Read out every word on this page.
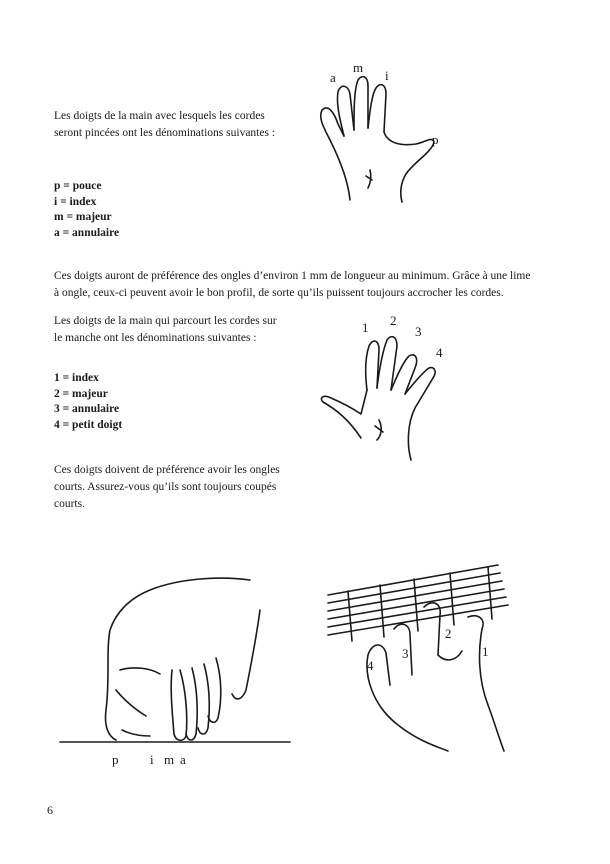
Les doigts de la main avec lesquels les cordes
seront pincées ont les dénominations suivantes :
p = pouce
i = index
m = majeur
a = annulaire
a
m
i
p
Ces doigts auront de préférence des ongles d’environ 1 mm de longueur au minimum. Grâce à une lime
à ongle, ceux-ci peuvent avoir le bon profil, de sorte qu’ils puissent toujours accrocher les cordes.
Les doigts de la main qui parcourt les cordes sur
le manche ont les dénominations suivantes :
1 = index
2 = majeur
3 = annulaire
4 = petit doigt
Ces doigts doivent de préférence avoir les ongles
courts. Assurez-vous qu’ils sont toujours coupés
courts.
1 2
3
4
p i m a
4
3
2
1
6
